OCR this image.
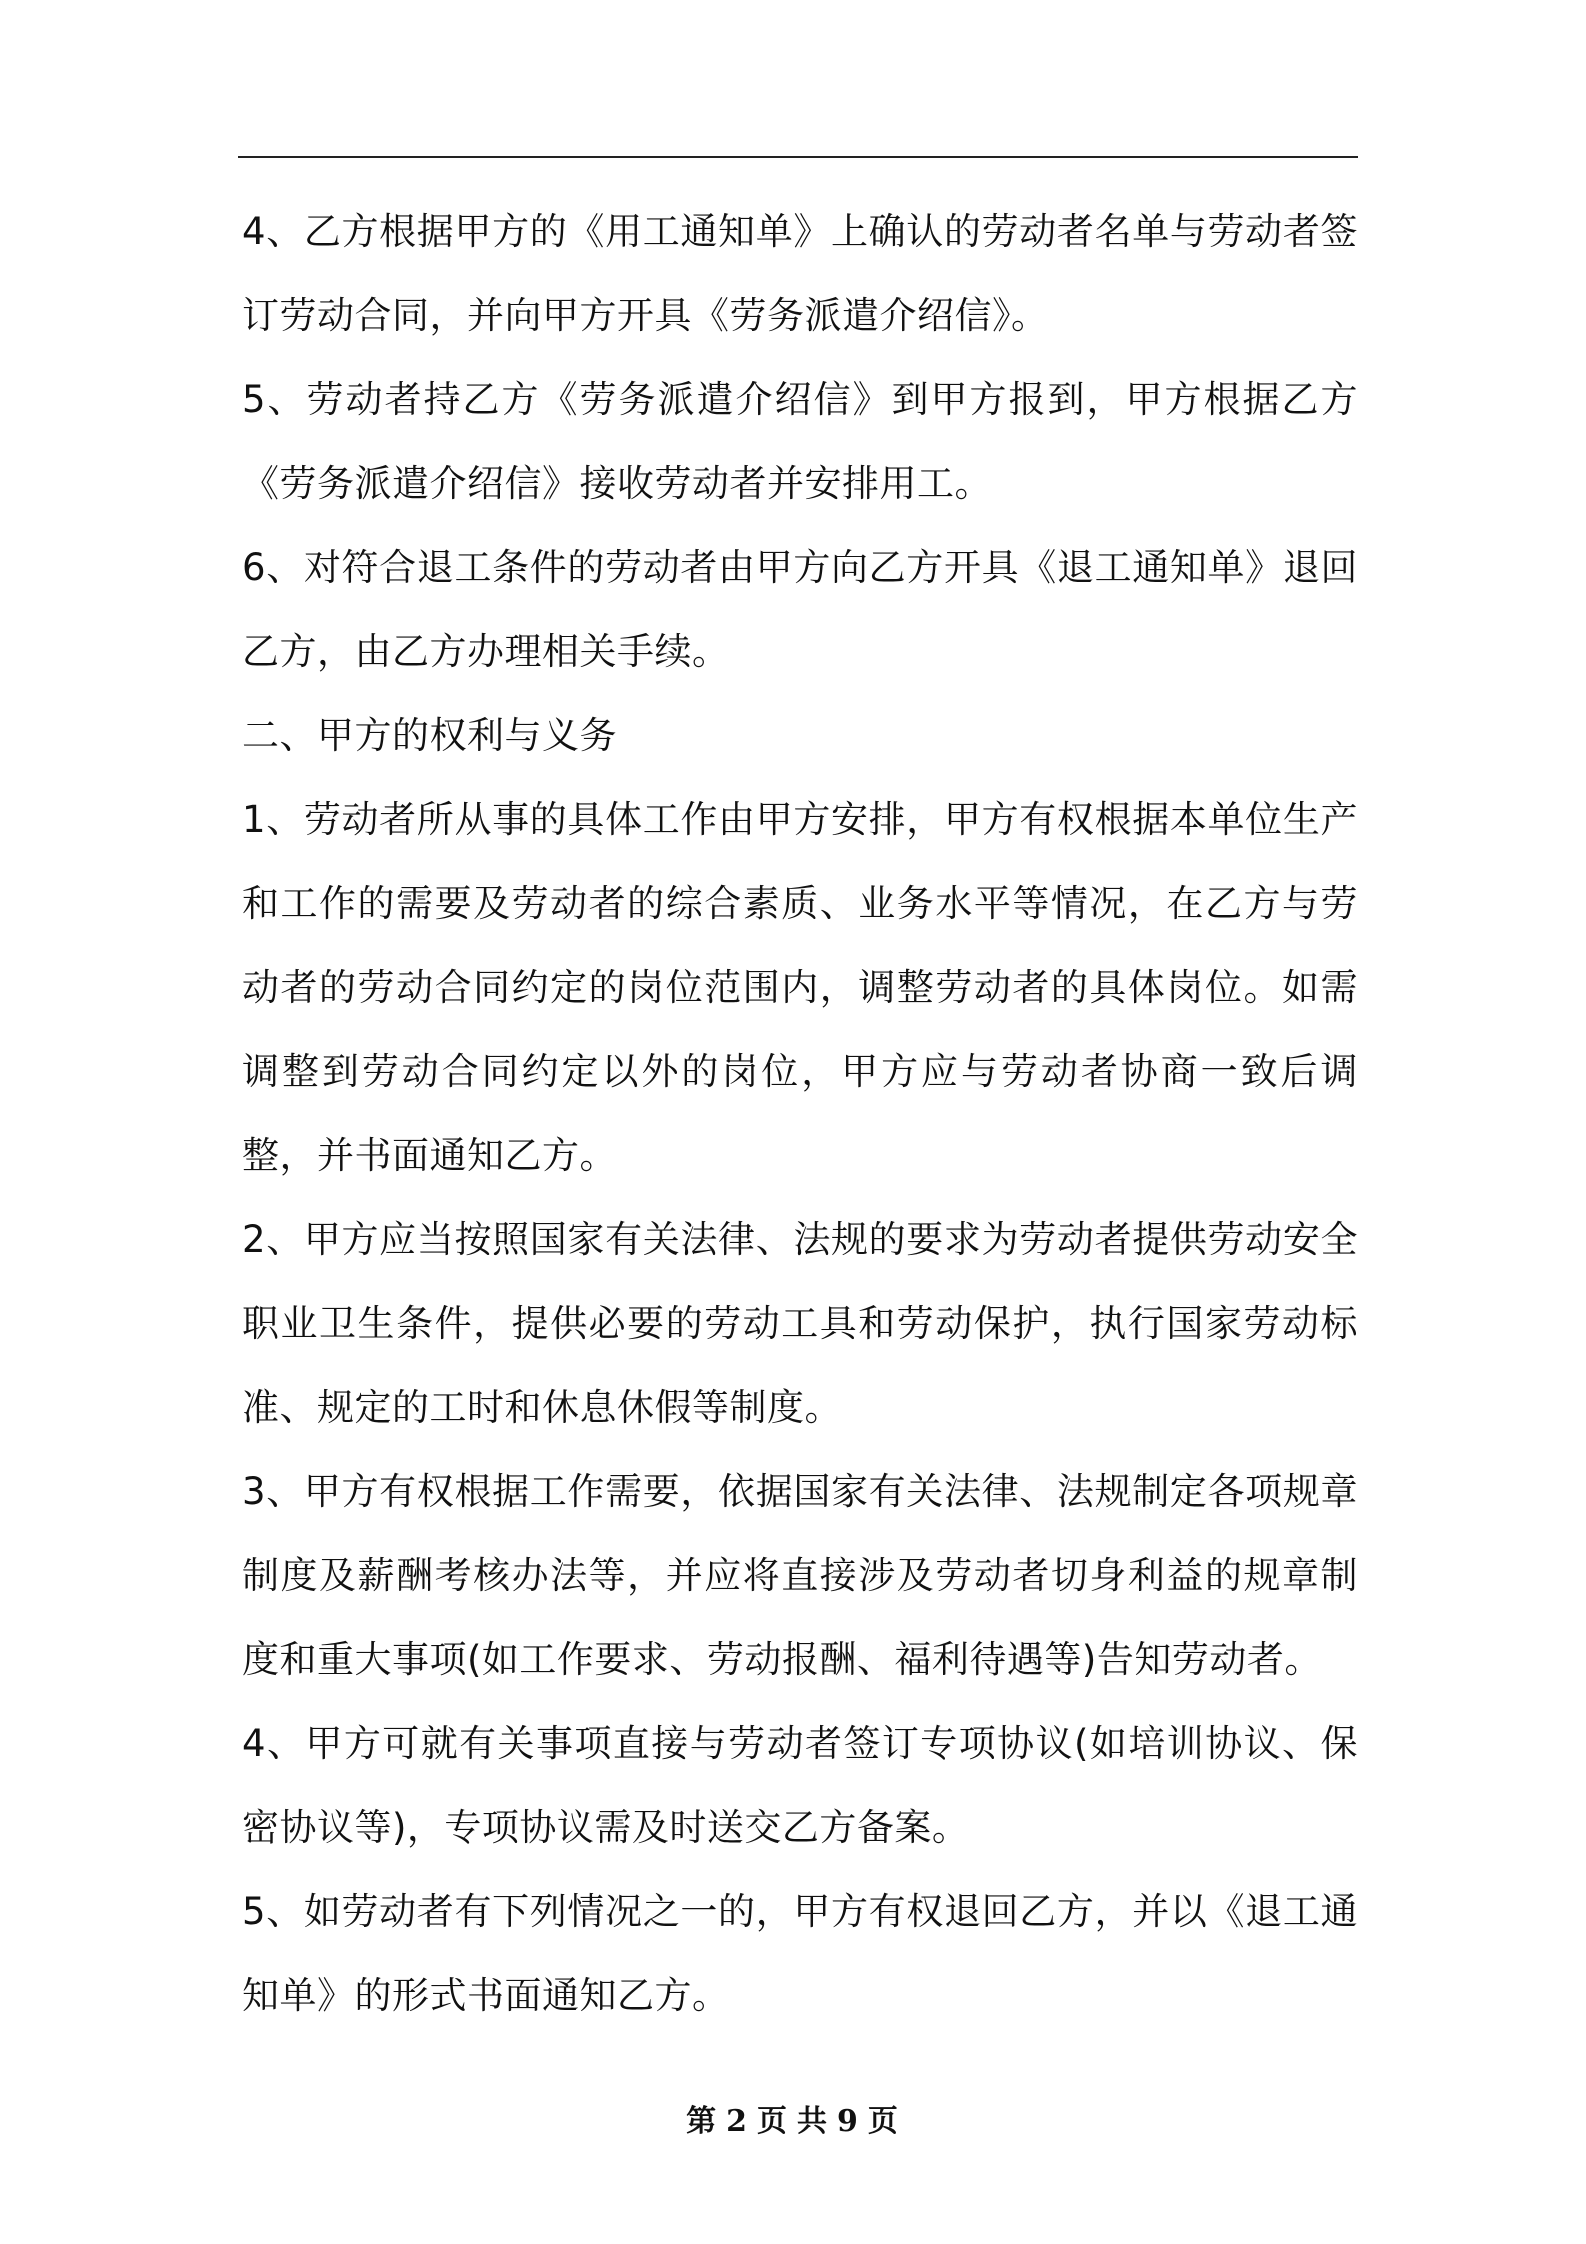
4、乙方根据甲方的《用工通知单》上确认的劳动者名单与劳动者签订劳动合同，并向甲方开具《劳务派遣介绍信》。

5、劳动者持乙方《劳务派遣介绍信》到甲方报到，甲方根据乙方《劳务派遣介绍信》接收劳动者并安排用工。

6、对符合退工条件的劳动者由甲方向乙方开具《退工通知单》退回乙方，由乙方办理相关手续。

二、甲方的权利与义务

1、劳动者所从事的具体工作由甲方安排，甲方有权根据本单位生产和工作的需要及劳动者的综合素质、业务水平等情况，在乙方与劳动者的劳动合同约定的岗位范围内，调整劳动者的具体岗位。如需调整到劳动合同约定以外的岗位，甲方应与劳动者协商一致后调整，并书面通知乙方。

2、甲方应当按照国家有关法律、法规的要求为劳动者提供劳动安全职业卫生条件，提供必要的劳动工具和劳动保护，执行国家劳动标准、规定的工时和休息休假等制度。

3、甲方有权根据工作需要，依据国家有关法律、法规制定各项规章制度及薪酬考核办法等，并应将直接涉及劳动者切身利益的规章制度和重大事项(如工作要求、劳动报酬、福利待遇等)告知劳动者。

4、甲方可就有关事项直接与劳动者签订专项协议(如培训协议、保密协议等)，专项协议需及时送交乙方备案。

5、如劳动者有下列情况之一的，甲方有权退回乙方，并以《退工通知单》的形式书面通知乙方。

第 2 页 共 9 页
